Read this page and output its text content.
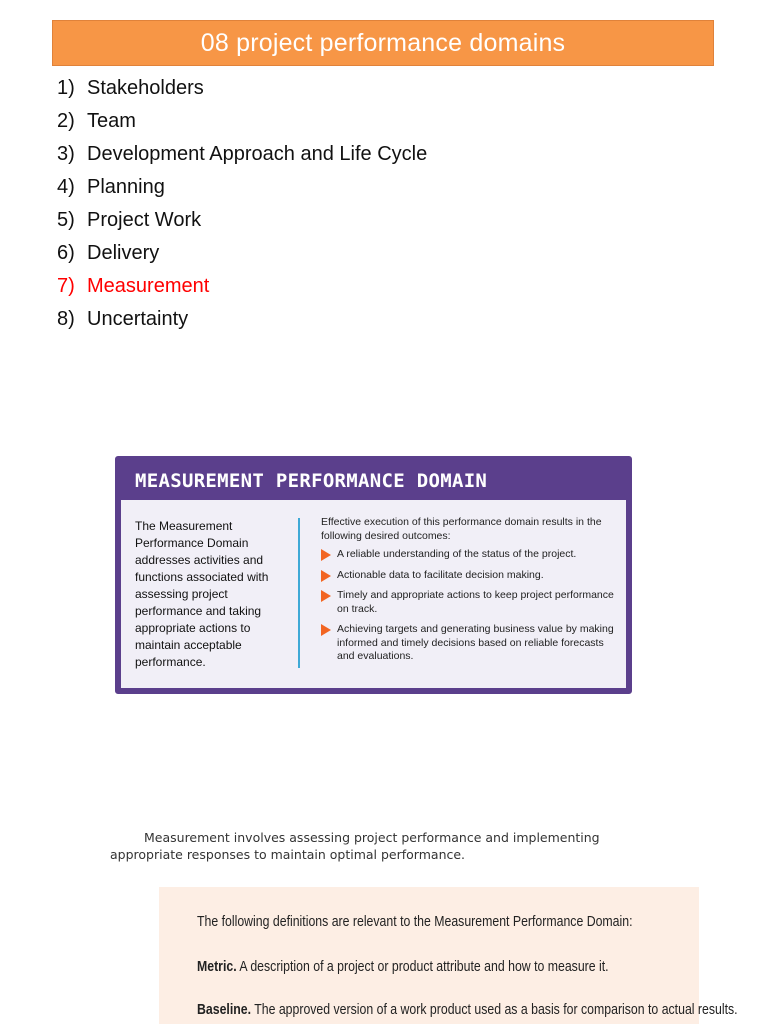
08 project performance domains
1) Stakeholders
2) Team
3) Development Approach and Life Cycle
4) Planning
5) Project Work
6) Delivery
7) Measurement
8) Uncertainty
MEASUREMENT PERFORMANCE DOMAIN
The Measurement Performance Domain addresses activities and functions associated with assessing project performance and taking appropriate actions to maintain acceptable performance.

Effective execution of this performance domain results in the following desired outcomes:

A reliable understanding of the status of the project.
Actionable data to facilitate decision making.
Timely and appropriate actions to keep project performance on track.
Achieving targets and generating business value by making informed and timely decisions based on reliable forecasts and evaluations.

Measurement involves assessing project performance and implementing appropriate responses to maintain optimal performance.

The following definitions are relevant to the Measurement Performance Domain:

Metric. A description of a project or product attribute and how to measure it.

Baseline. The approved version of a work product used as a basis for comparison to actual results.
